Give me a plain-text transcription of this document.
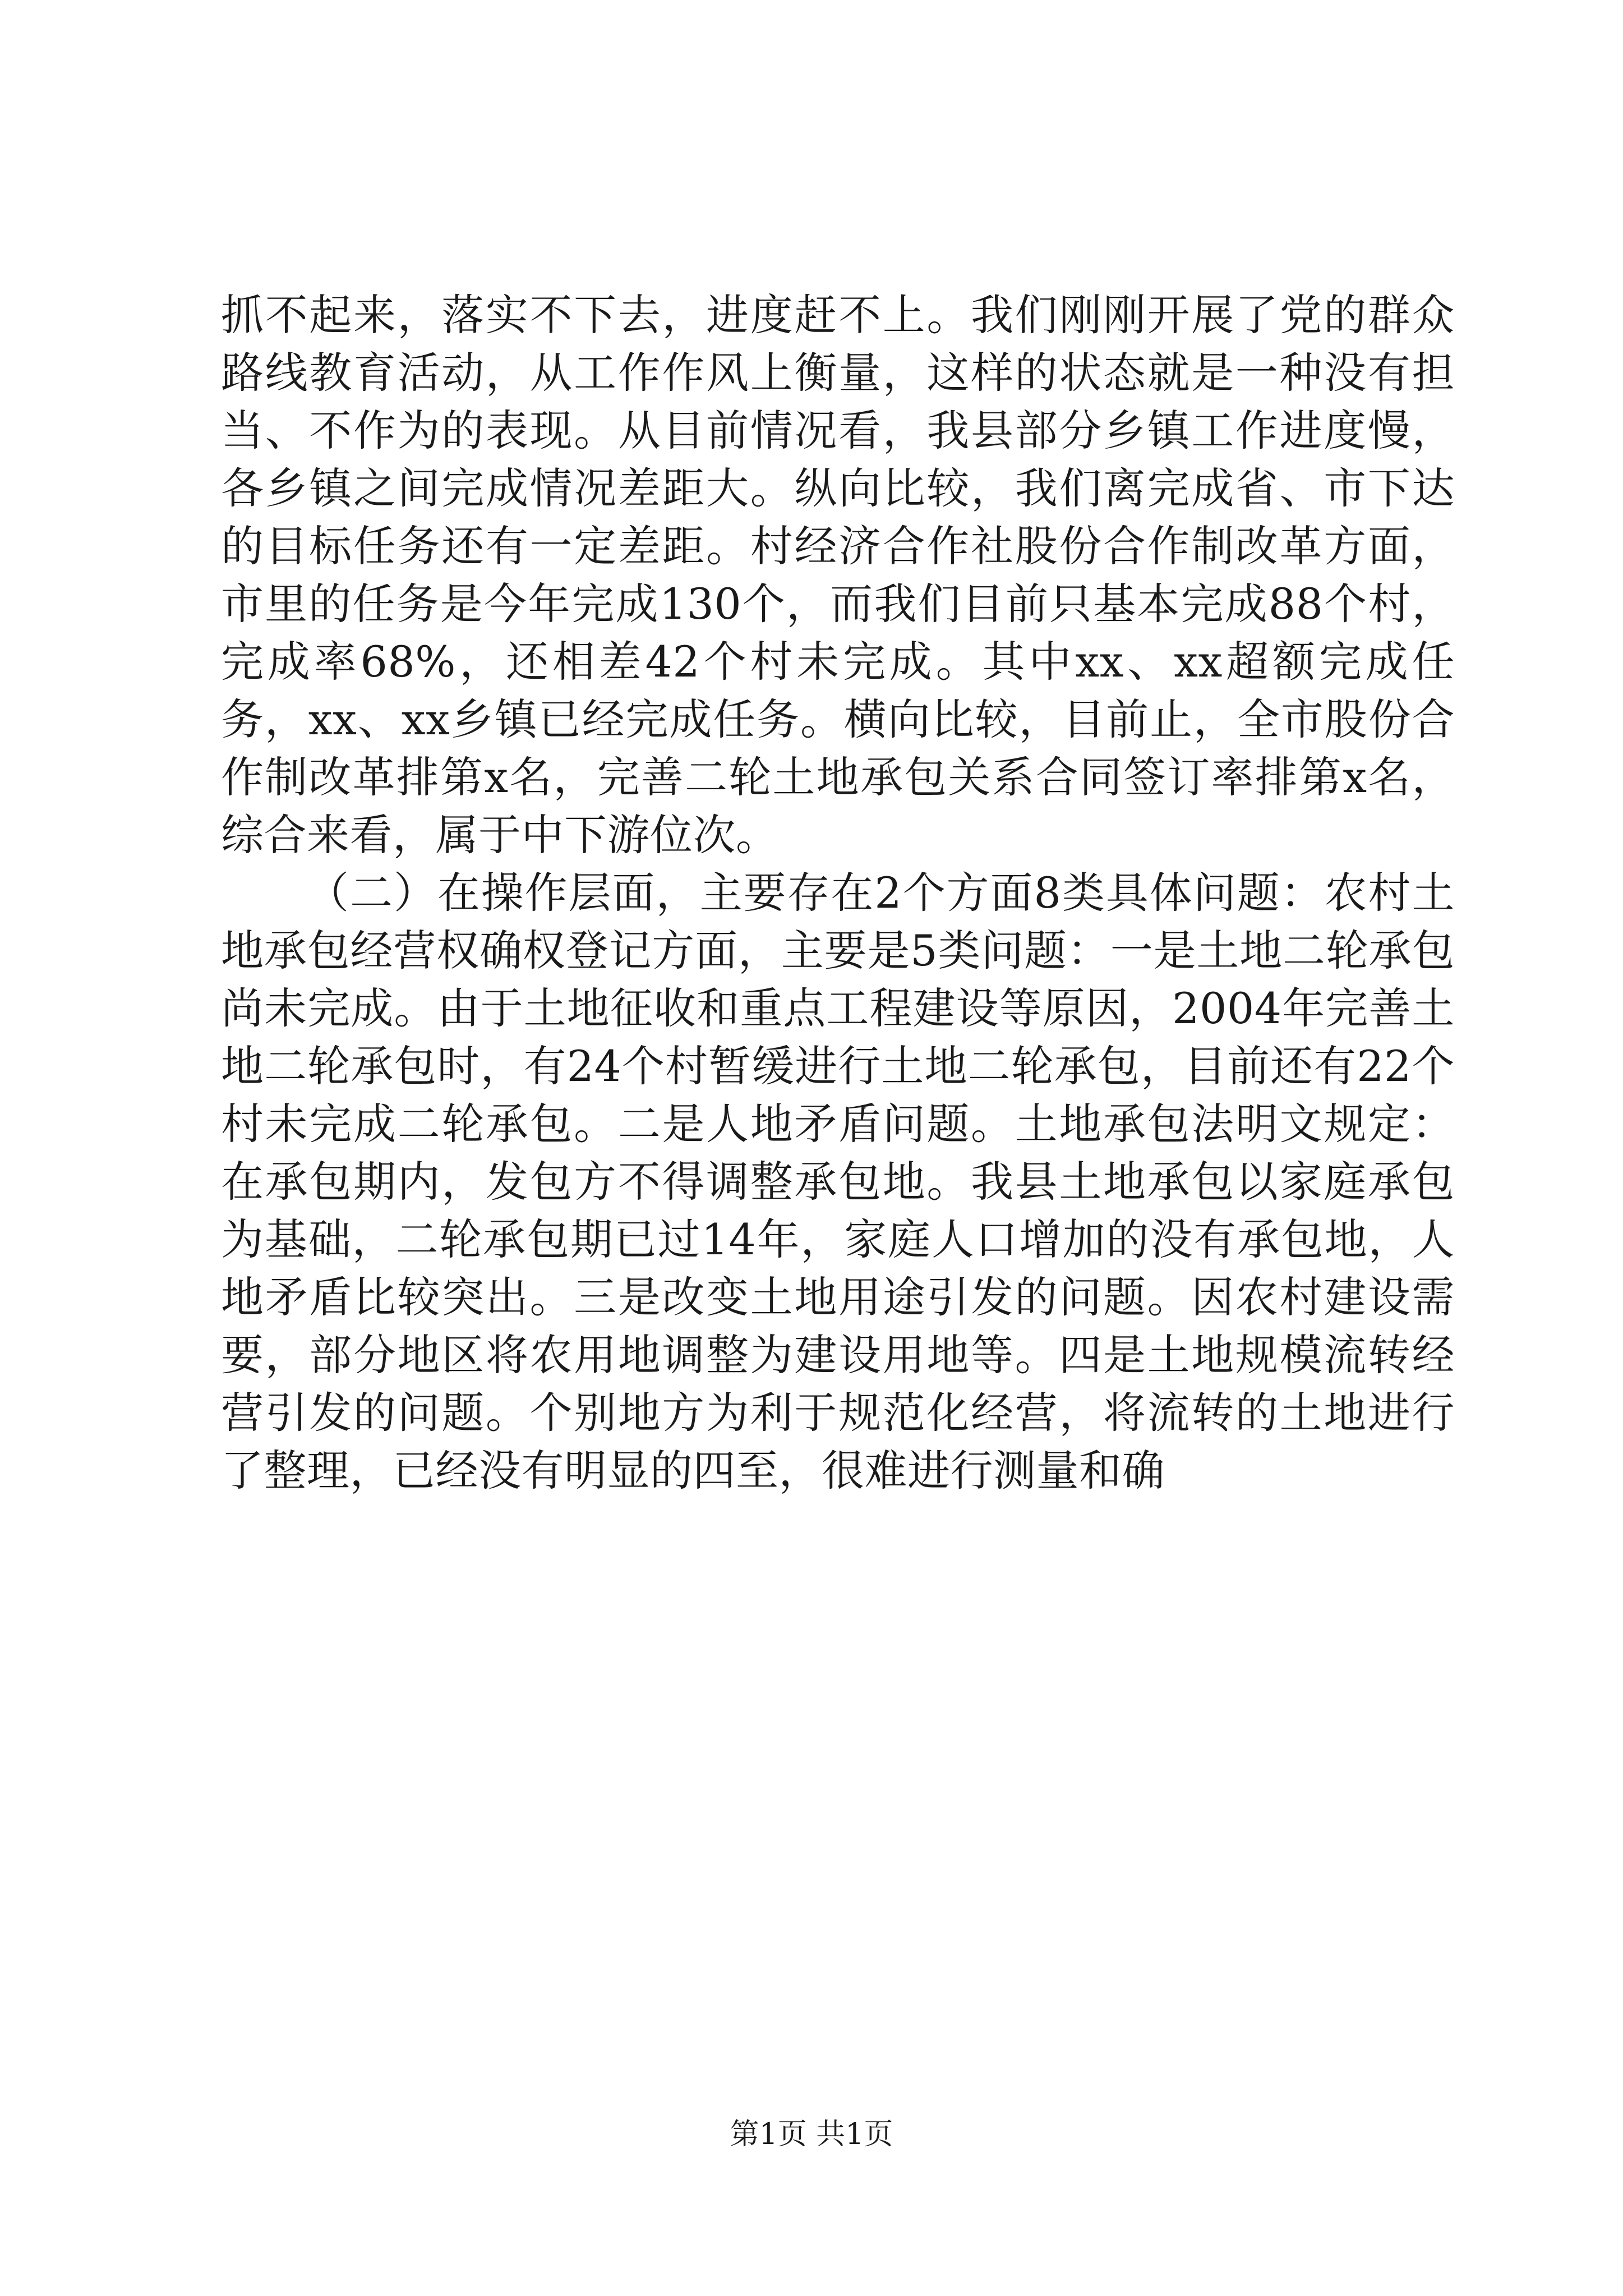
抓不起来，落实不下去，进度赶不上。我们刚刚开展了党的群众路线教育活动，从工作作风上衡量，这样的状态就是一种没有担当、不作为的表现。从目前情况看，我县部分乡镇工作进度慢，各乡镇之间完成情况差距大。纵向比较，我们离完成省、市下达的目标任务还有一定差距。村经济合作社股份合作制改革方面，市里的任务是今年完成130个，而我们目前只基本完成88个村，完成率68%，还相差42个村未完成。其中xx、xx超额完成任务，xx、xx乡镇已经完成任务。横向比较，目前止，全市股份合作制改革排第x名，完善二轮土地承包关系合同签订率排第x名，综合来看，属于中下游位次。

（二）在操作层面，主要存在2个方面8类具体问题：农村土地承包经营权确权登记方面，主要是5类问题：一是土地二轮承包尚未完成。由于土地征收和重点工程建设等原因，2004年完善土地二轮承包时，有24个村暂缓进行土地二轮承包，目前还有22个村未完成二轮承包。二是人地矛盾问题。土地承包法明文规定：在承包期内，发包方不得调整承包地。我县土地承包以家庭承包为基础，二轮承包期已过14年，家庭人口增加的没有承包地，人地矛盾比较突出。三是改变土地用途引发的问题。因农村建设需要，部分地区将农用地调整为建设用地等。四是土地规模流转经营引发的问题。个别地方为利于规范化经营，将流转的土地进行了整理，已经没有明显的四至，很难进行测量和确

第1页 共1页
